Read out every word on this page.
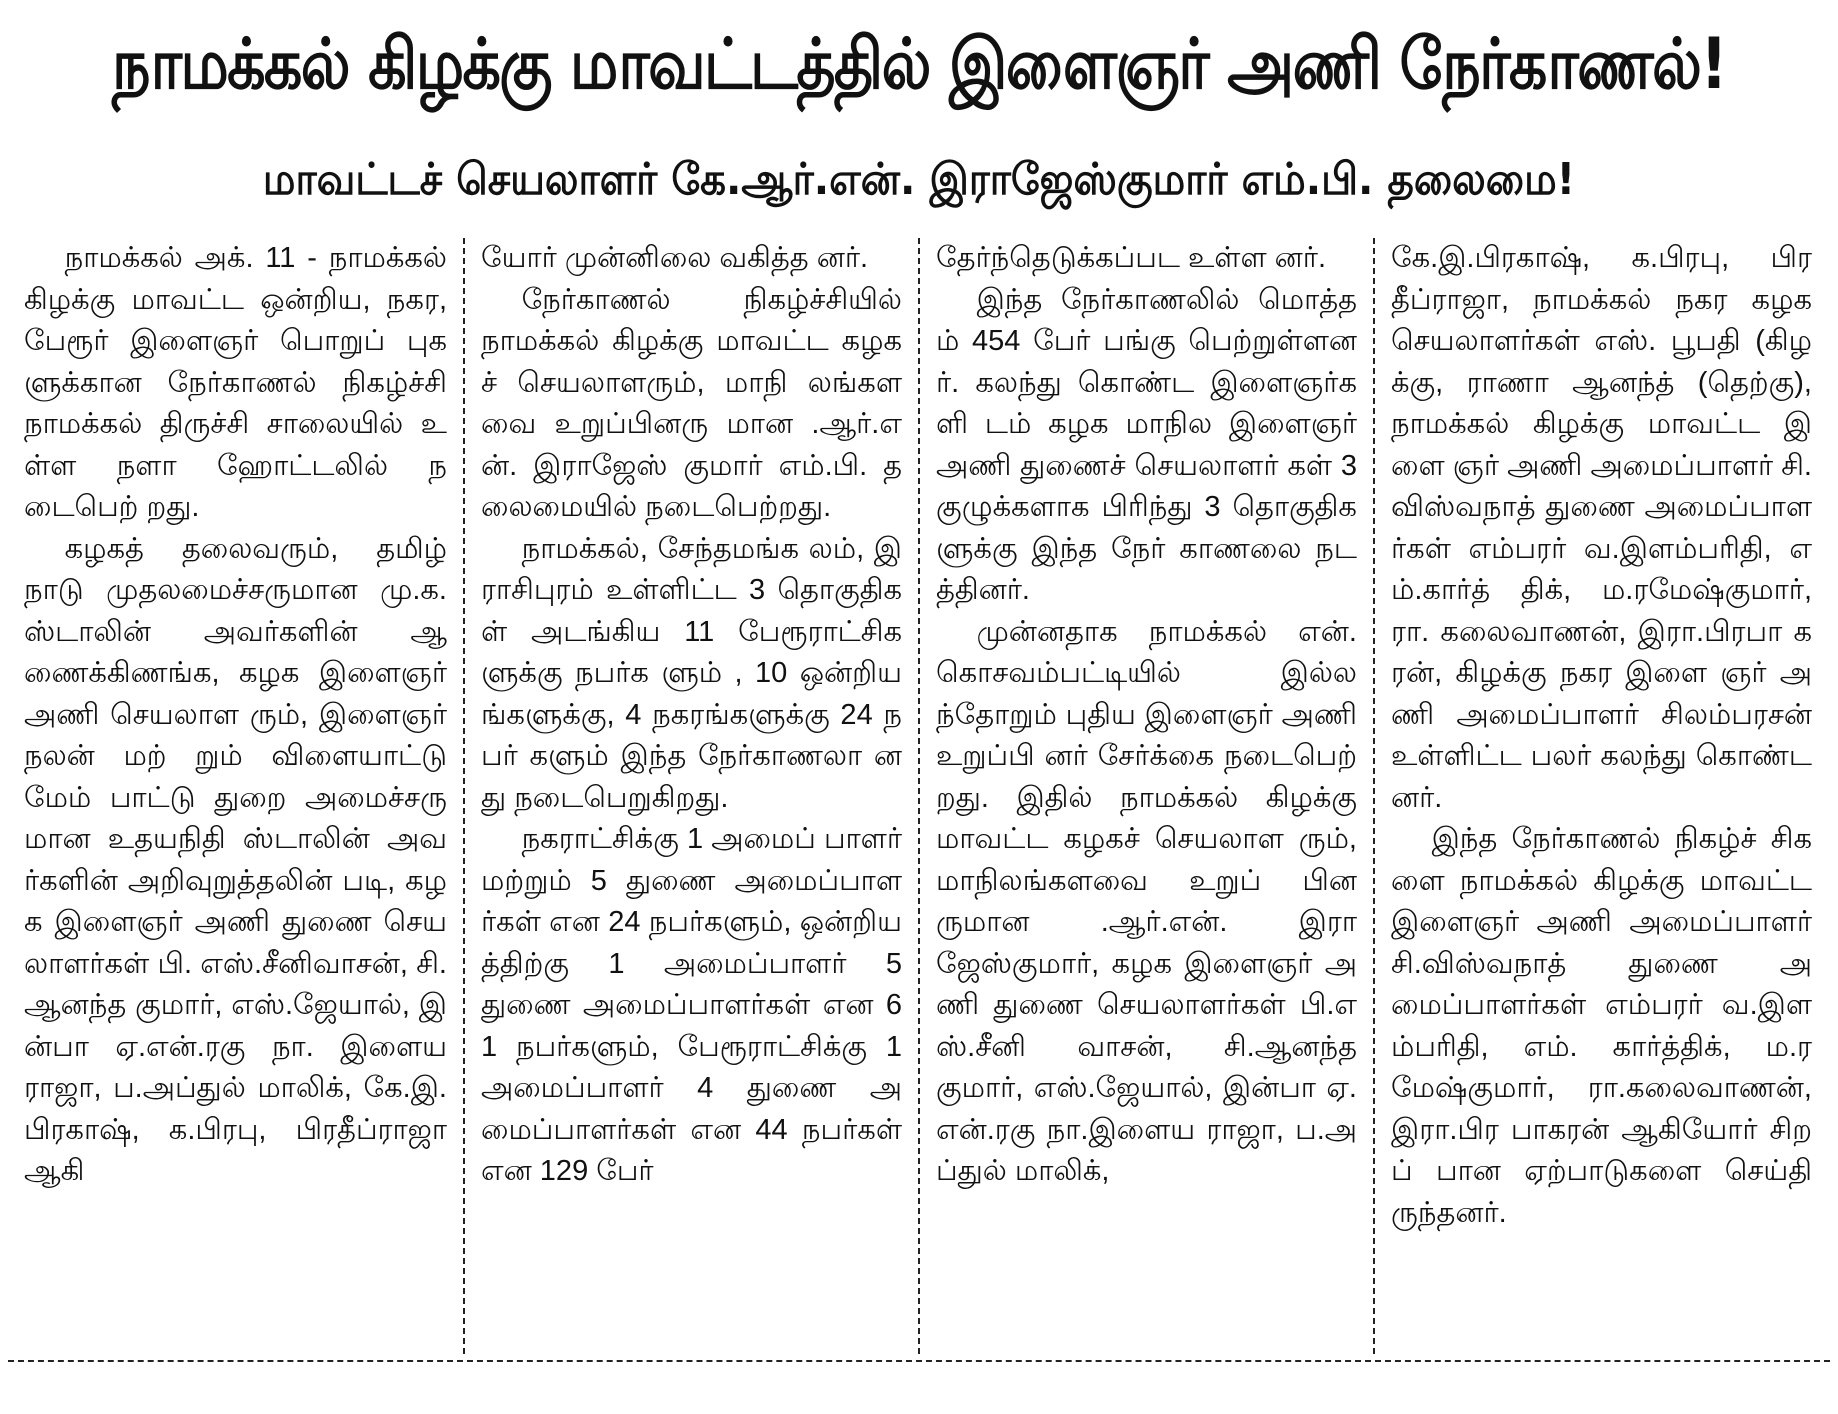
நாமக்கல் கிழக்கு மாவட்டத்தில் இளைஞர் அணி நேர்காணல்!
மாவட்டச் செயலாளர் கே.ஆர்.என். இராஜேஸ்குமார் எம்.பி. தலைமை!

நாமக்கல் அக். 11 - நாமக்கல் கிழக்கு மாவட்ட ஒன்றிய, நகர, பேரூர் இளைஞர் பொறுப் புகளுக்கான நேர்காணல் நிகழ்ச்சி நாமக்கல் திருச்சி சாலையில் உள்ள நளா ஹோட்டலில் நடைபெற் றது.

கழகத் தலைவரும், தமிழ் நாடு முதலமைச்சருமான மு.க.ஸ்டாலின் அவர்களின் ஆணைக்கிணங்க, கழக இளைஞர் அணி செயலாள ரும், இளைஞர் நலன் மற் றும் விளையாட்டு மேம் பாட்டு துறை அமைச்சரு மான உதயநிதி ஸ்டாலின் அவர்களின் அறிவுறுத்தலின் படி, கழக இளைஞர் அணி துணை செயலாளர்கள் பி. எஸ்.சீனிவாசன், சி.ஆனந்த குமார், எஸ்.ஜேயால், இன்பா ஏ.என்.ரகு நா. இளையராஜா, ப.அப்துல் மாலிக், கே.இ.பிரகாஷ், க.பிரபு, பிரதீப்ராஜா ஆகி

யோர் முன்னிலை வகித்த னர்.

நேர்காணல் நிகழ்ச்சியில் நாமக்கல் கிழக்கு மாவட்ட கழகச் செயலாளரும், மாநி லங்களவை உறுப்பினரு மான .ஆர்.என். இராஜேஸ் குமார் எம்.பி. தலைமையில் நடைபெற்றது.

நாமக்கல், சேந்தமங்க லம், இராசிபுரம் உள்ளிட்ட 3 தொகுதிகள் அடங்கிய 11 பேரூராட்சிகளுக்கு நபர்க ளும் , 10 ஒன்றியங்களுக்கு, 4 நகரங்களுக்கு 24 நபர் களும் இந்த நேர்காணலா னது நடைபெறுகிறது.

நகராட்சிக்கு 1 அமைப் பாளர் மற்றும் 5 துணை அமைப்பாளர்கள் என 24 நபர்களும், ஒன்றியத்திற்கு 1 அமைப்பாளர் 5 துணை அமைப்பாளர்கள் என 61 நபர்களும், பேரூராட்சிக்கு 1 அமைப்பாளர் 4 துணை அமைப்பாளர்கள் என 44 நபர்கள் என 129 பேர்

தேர்ந்தெடுக்கப்பட உள்ள னர்.

இந்த நேர்காணலில் மொத்தம் 454 பேர் பங்கு பெற்றுள்ளனர். கலந்து கொண்ட இளைஞர்களி டம் கழக மாநில இளைஞர் அணி துணைச் செயலாளர் கள் 3 குழுக்களாக பிரிந்து 3 தொகுதிகளுக்கு இந்த நேர் காணலை நடத்தினர்.

முன்னதாக நாமக்கல் என். கொசவம்பட்டியில் இல்லந்தோறும் புதிய இளைஞர் அணி உறுப்பி னர் சேர்க்கை நடைபெற் றது. இதில் நாமக்கல் கிழக்கு மாவட்ட கழகச் செயலாள ரும், மாநிலங்களவை உறுப் பினருமான .ஆர்.என். இரா ஜேஸ்குமார், கழக இளைஞர் அணி துணை செயலாளர்கள் பி.எஸ்.சீனி வாசன், சி.ஆனந்தகுமார், எஸ்.ஜேயால், இன்பா ஏ.என்.ரகு நா.இளைய ராஜா, ப.அப்துல் மாலிக்,

கே.இ.பிரகாஷ், க.பிரபு, பிரதீப்ராஜா, நாமக்கல் நகர கழக செயலாளர்கள் எஸ். பூபதி (கிழக்கு, ராணா ஆனந்த் (தெற்கு), நாமக்கல் கிழக்கு மாவட்ட இளை ஞர் அணி அமைப்பாளர் சி.விஸ்வநாத் துணை அமைப்பாளர்கள் எம்பரர் வ.இளம்பரிதி, எம்.கார்த் திக், ம.ரமேஷ்குமார், ரா. கலைவாணன், இரா.பிரபா கரன், கிழக்கு நகர இளை ஞர் அணி அமைப்பாளர் சிலம்பரசன் உள்ளிட்ட பலர் கலந்து கொண்டனர்.

இந்த நேர்காணல் நிகழ்ச் சிகளை நாமக்கல் கிழக்கு மாவட்ட இளைஞர் அணி அமைப்பாளர் சி.விஸ்வநாத் துணை அமைப்பாளர்கள் எம்பரர் வ.இளம்பரிதி, எம். கார்த்திக், ம.ரமேஷ்குமார், ரா.கலைவாணன், இரா.பிர பாகரன் ஆகியோர் சிறப் பான ஏற்பாடுகளை செய்தி ருந்தனர்.
